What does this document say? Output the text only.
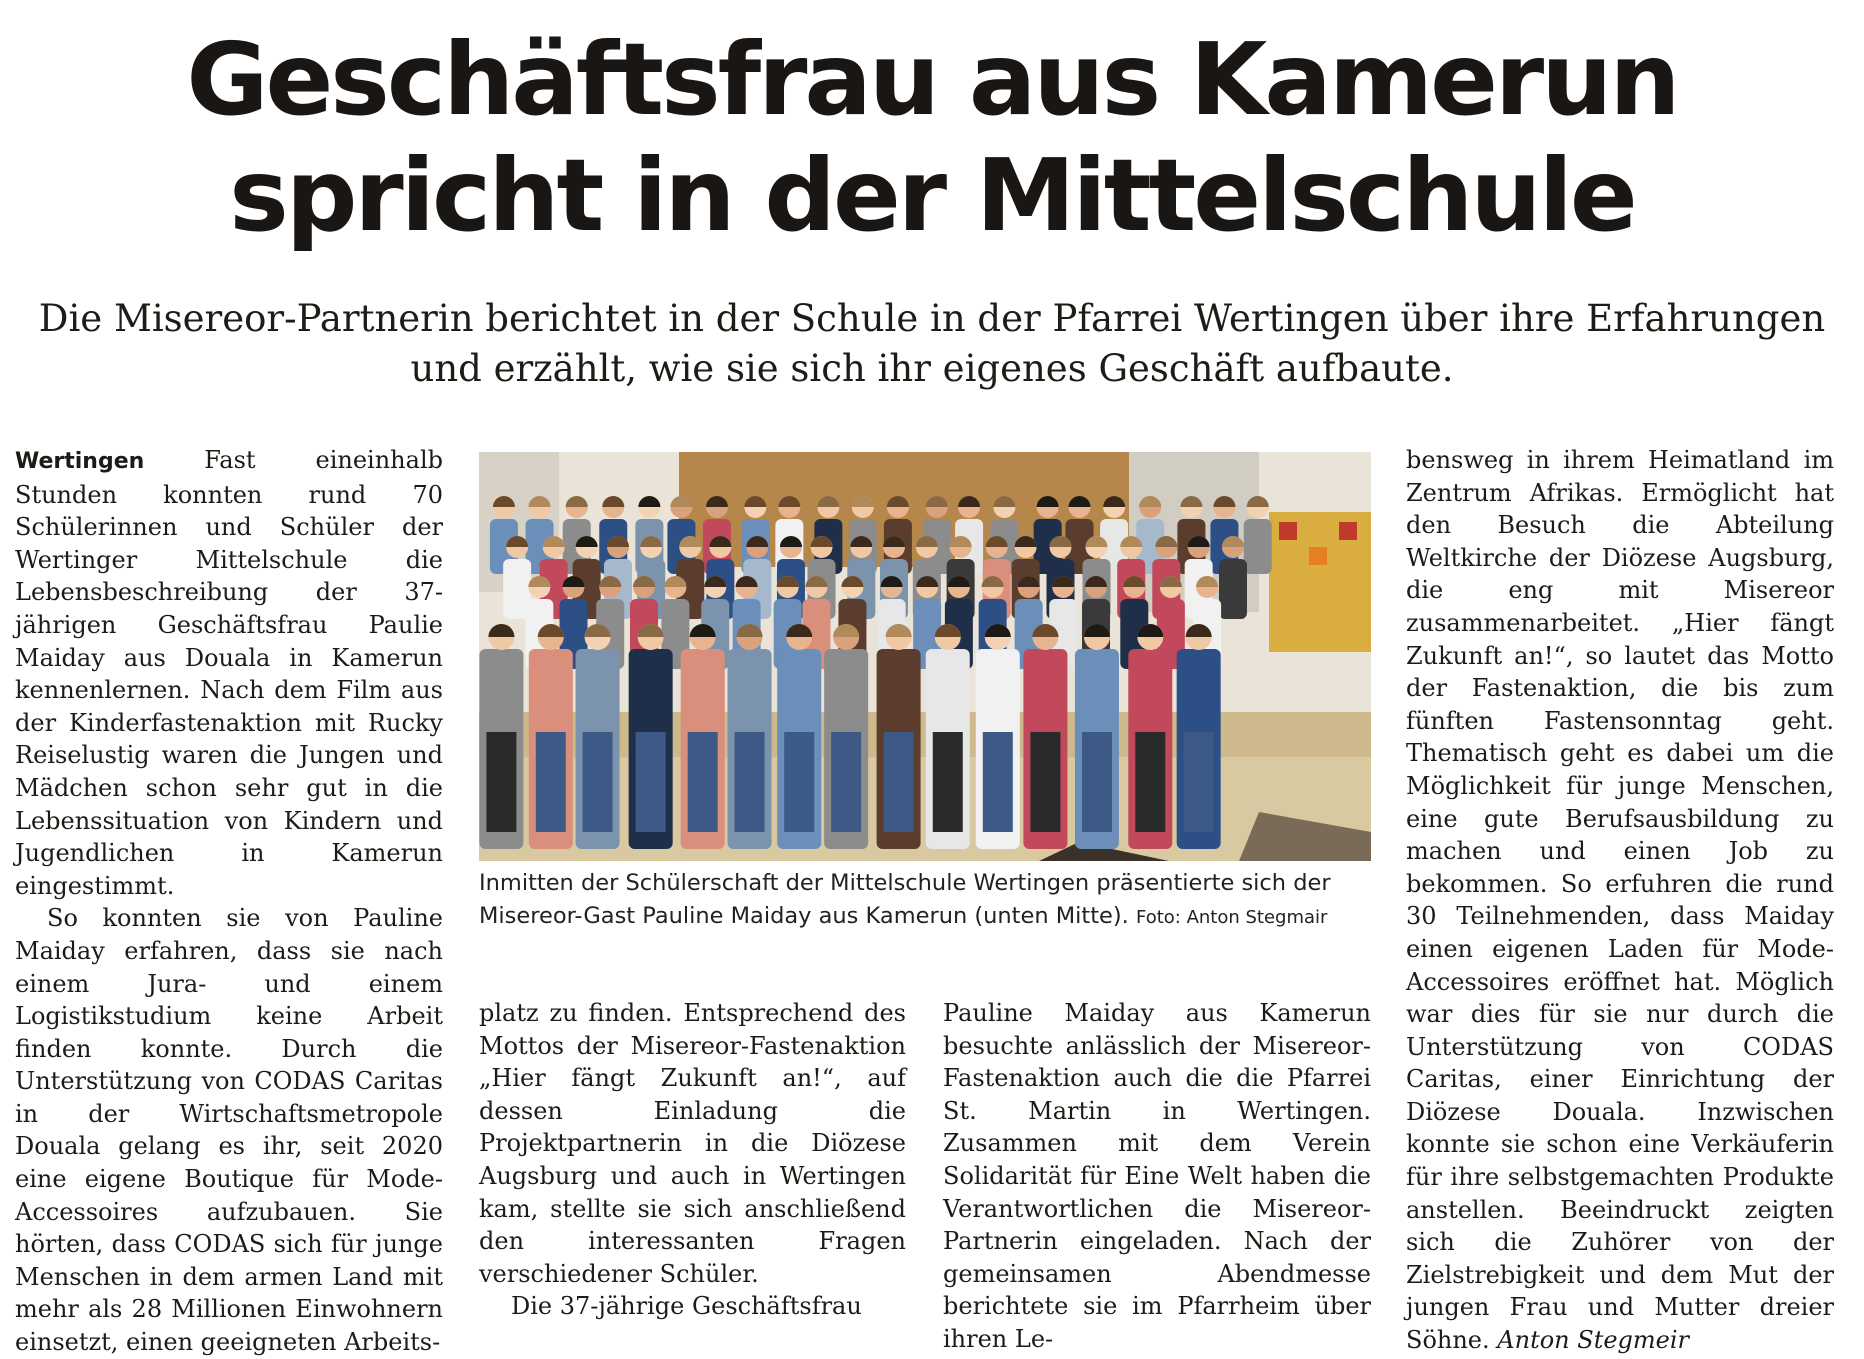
Geschäftsfrau aus Kamerun
spricht in der Mittelschule

Die Misereor-Partnerin berichtet in der Schule in der Pfarrei Wertingen über ihre Erfahrungen
und erzählt, wie sie sich ihr eigenes Geschäft aufbaute.

Wertingen Fast eineinhalb Stunden konnten rund 70 Schülerinnen und Schüler der Wertinger Mittelschule die Lebensbeschreibung der 37-jährigen Geschäftsfrau Paulie Maiday aus Douala in Kamerun kennenlernen. Nach dem Film aus der Kinderfastenaktion mit Rucky Reiselustig waren die Jungen und Mädchen schon sehr gut in die Lebenssituation von Kindern und Jugendlichen in Kamerun eingestimmt.

So konnten sie von Pauline Maiday erfahren, dass sie nach einem Jura- und einem Logistikstudium keine Arbeit finden konnte. Durch die Unterstützung von CODAS Caritas in der Wirtschaftsmetropole Douala gelang es ihr, seit 2020 eine eigene Boutique für Mode-Accessoires aufzubauen. Sie hörten, dass CODAS sich für junge Menschen in dem armen Land mit mehr als 28 Millionen Einwohnern einsetzt, einen geeigneten Arbeits-

Inmitten der Schülerschaft der Mittelschule Wertingen präsentierte sich der Misereor-Gast Pauline Maiday aus Kamerun (unten Mitte). Foto: Anton Stegmair

platz zu finden. Entsprechend des Mottos der Misereor-Fastenaktion „Hier fängt Zukunft an!“, auf dessen Einladung die Projektpartnerin in die Diözese Augsburg und auch in Wertingen kam, stellte sie sich anschließend den interessanten Fragen verschiedener Schüler.

Die 37-jährige Geschäftsfrau

Pauline Maiday aus Kamerun besuchte anlässlich der Misereor-Fastenaktion auch die die Pfarrei St. Martin in Wertingen. Zusammen mit dem Verein Solidarität für Eine Welt haben die Verantwortlichen die Misereor-Partnerin eingeladen. Nach der gemeinsamen Abendmesse berichtete sie im Pfarrheim über ihren Le-

bensweg in ihrem Heimatland im Zentrum Afrikas. Ermöglicht hat den Besuch die Abteilung Weltkirche der Diözese Augsburg, die eng mit Misereor zusammenarbeitet. „Hier fängt Zukunft an!“, so lautet das Motto der Fastenaktion, die bis zum fünften Fastensonntag geht. Thematisch geht es dabei um die Möglichkeit für junge Menschen, eine gute Berufsausbildung zu machen und einen Job zu bekommen. So erfuhren die rund 30 Teilnehmenden, dass Maiday einen eigenen Laden für Mode-Accessoires eröffnet hat. Möglich war dies für sie nur durch die Unterstützung von CODAS Caritas, einer Einrichtung der Diözese Douala. Inzwischen konnte sie schon eine Verkäuferin für ihre selbstgemachten Produkte anstellen. Beeindruckt zeigten sich die Zuhörer von der Zielstrebigkeit und dem Mut der jungen Frau und Mutter dreier Söhne. Anton Stegmeir
